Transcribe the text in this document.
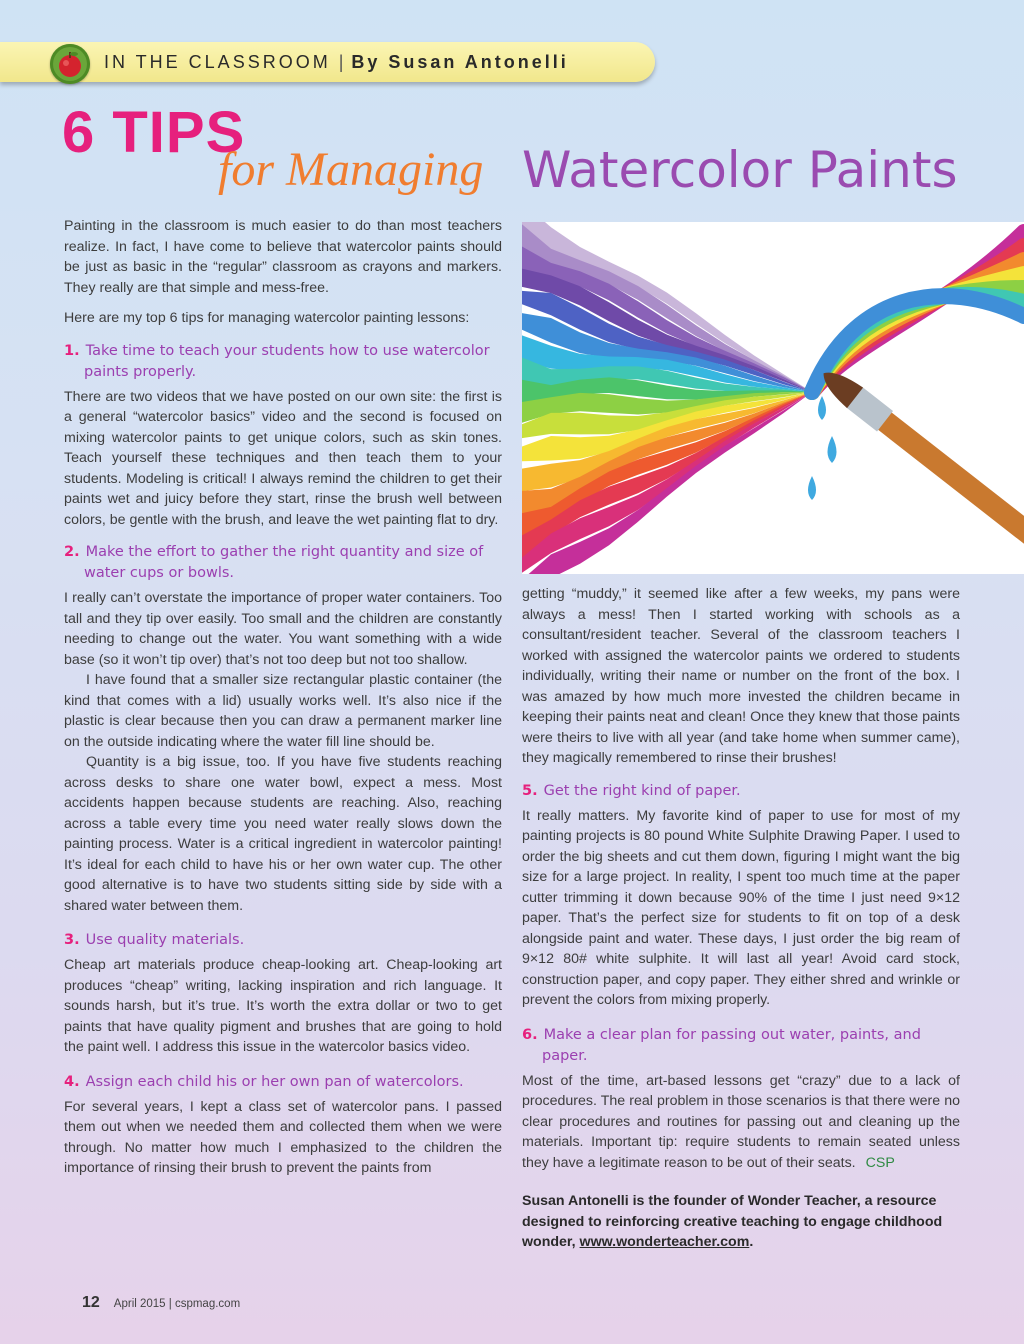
IN THE CLASSROOM | By Susan Antonelli
6 TIPS
for Managing Watercolor Paints

Painting in the classroom is much easier to do than most teachers realize. In fact, I have come to believe that watercolor paints should be just as basic in the “regular” classroom as crayons and markers. They really are that simple and mess-free.

Here are my top 6 tips for managing watercolor painting lessons:

1. Take time to teach your students how to use watercolor paints properly.

There are two videos that we have posted on our own site: the first is a general “watercolor basics” video and the second is focused on mixing watercolor paints to get unique colors, such as skin tones. Teach yourself these techniques and then teach them to your students. Modeling is critical! I always remind the children to get their paints wet and juicy before they start, rinse the brush well between colors, be gentle with the brush, and leave the wet painting flat to dry.

2. Make the effort to gather the right quantity and size of water cups or bowls.

I really can’t overstate the importance of proper water containers. Too tall and they tip over easily. Too small and the children are constantly needing to change out the water. You want something with a wide base (so it won’t tip over) that’s not too deep but not too shallow.

I have found that a smaller size rectangular plastic container (the kind that comes with a lid) usually works well. It’s also nice if the plastic is clear because then you can draw a permanent marker line on the outside indicating where the water fill line should be.

Quantity is a big issue, too. If you have five students reaching across desks to share one water bowl, expect a mess. Most accidents happen because students are reaching. Also, reaching across a table every time you need water really slows down the painting process. Water is a critical ingredient in watercolor painting! It’s ideal for each child to have his or her own water cup. The other good alternative is to have two students sitting side by side with a shared water between them.

3. Use quality materials.

Cheap art materials produce cheap-looking art. Cheap-looking art produces “cheap” writing, lacking inspiration and rich language. It sounds harsh, but it’s true. It’s worth the extra dollar or two to get paints that have quality pigment and brushes that are going to hold the paint well. I address this issue in the watercolor basics video.

4. Assign each child his or her own pan of watercolors.

For several years, I kept a class set of watercolor pans. I passed them out when we needed them and collected them when we were through. No matter how much I emphasized to the children the importance of rinsing their brush to prevent the paints from

getting “muddy,” it seemed like after a few weeks, my pans were always a mess! Then I started working with schools as a consultant/resident teacher. Several of the classroom teachers I worked with assigned the watercolor paints we ordered to students individually, writing their name or number on the front of the box. I was amazed by how much more invested the children became in keeping their paints neat and clean! Once they knew that those paints were theirs to live with all year (and take home when summer came), they magically remembered to rinse their brushes!

5. Get the right kind of paper.

It really matters. My favorite kind of paper to use for most of my painting projects is 80 pound White Sulphite Drawing Paper. I used to order the big sheets and cut them down, figuring I might want the big size for a large project. In reality, I spent too much time at the paper cutter trimming it down because 90% of the time I just need 9×12 paper. That’s the perfect size for students to fit on top of a desk alongside paint and water. These days, I just order the big ream of 9×12 80# white sulphite. It will last all year! Avoid card stock, construction paper, and copy paper. They either shred and wrinkle or prevent the colors from mixing properly.

6. Make a clear plan for passing out water, paints, and paper.

Most of the time, art-based lessons get “crazy” due to a lack of procedures. The real problem in those scenarios is that there were no clear procedures and routines for passing out and cleaning up the materials. Important tip: require students to remain seated unless they have a legitimate reason to be out of their seats. CSP

Susan Antonelli is the founder of Wonder Teacher, a resource designed to reinforcing creative teaching to engage childhood wonder, www.wonderteacher.com.

12 April 2015 | cspmag.com
